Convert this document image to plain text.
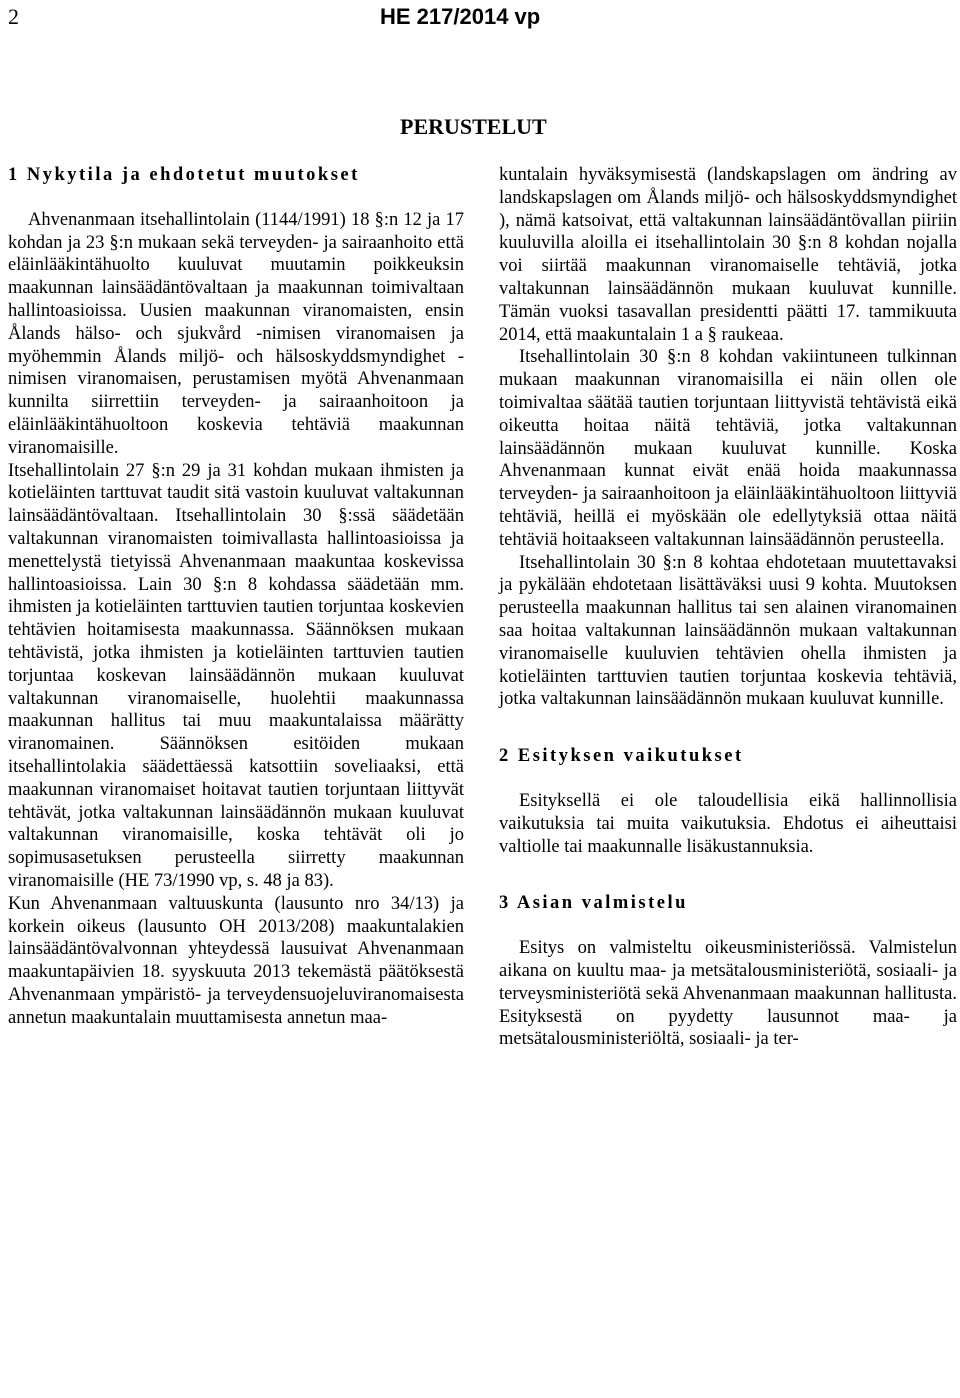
2	HE 217/2014 vp
PERUSTELUT
1 Nykytila ja ehdotetut muutokset

Ahvenanmaan itsehallintolain (1144/1991) 18 §:n 12 ja 17 kohdan ja 23 §:n mukaan sekä terveyden- ja sairaanhoito että eläinlääkintähuolto kuuluvat muutamin poikkeuksin maakunnan lainsäädäntövaltaan ja maakunnan toimivaltaan hallintoasioissa. Uusien maakunnan viranomaisten, ensin Ålands hälso- och sjukvård -nimisen viranomaisen ja myöhemmin Ålands miljö- och hälsoskyddsmyndighet -nimisen viranomaisen, perustamisen myötä Ahvenanmaan kunnilta siirrettiin terveyden- ja sairaanhoitoon ja eläinlääkintähuoltoon koskevia tehtäviä maakunnan viranomaisille.

Itsehallintolain 27 §:n 29 ja 31 kohdan mukaan ihmisten ja kotieläinten tarttuvat taudit sitä vastoin kuuluvat valtakunnan lainsäädäntövaltaan. Itsehallintolain 30 §:ssä säädetään valtakunnan viranomaisten toimivallasta hallintoasioissa ja menettelystä tietyissä Ahvenanmaan maakuntaa koskevissa hallintoasioissa. Lain 30 §:n 8 kohdassa säädetään mm. ihmisten ja kotieläinten tarttuvien tautien torjuntaa koskevien tehtävien hoitamisesta maakunnassa. Säännöksen mukaan tehtävistä, jotka ihmisten ja kotieläinten tarttuvien tautien torjuntaa koskevan lainsäädännön mukaan kuuluvat valtakunnan viranomaiselle, huolehtii maakunnassa maakunnan hallitus tai muu maakuntalaissa määrätty viranomainen. Säännöksen esitöiden mukaan itsehallintolakia säädettäessä katsottiin soveliaaksi, että maakunnan viranomaiset hoitavat tautien torjuntaan liittyvät tehtävät, jotka valtakunnan lainsäädännön mukaan kuuluvat valtakunnan viranomaisille, koska tehtävät oli jo sopimusasetuksen perusteella siirretty maakunnan viranomaisille (HE 73/1990 vp, s. 48 ja 83).

Kun Ahvenanmaan valtuuskunta (lausunto nro 34/13) ja korkein oikeus (lausunto OH 2013/208) maakuntalakien lainsäädäntövalvonnan yhteydessä lausuivat Ahvenanmaan maakuntapäivien 18. syyskuuta 2013 tekemästä päätöksestä Ahvenanmaan ympäristö- ja terveydensuojeluviranomaisesta annetun maakuntalain muuttamisesta annetun maa-

kuntalain hyväksymisestä (landskapslagen om ändring av landskapslagen om Ålands miljö- och hälsoskyddsmyndighet ), nämä katsoivat, että valtakunnan lainsäädäntövallan piiriin kuuluvilla aloilla ei itsehallintolain 30 §:n 8 kohdan nojalla voi siirtää maakunnan viranomaiselle tehtäviä, jotka valtakunnan lainsäädännön mukaan kuuluvat kunnille. Tämän vuoksi tasavallan presidentti päätti 17. tammikuuta 2014, että maakuntalain 1 a § raukeaa.

Itsehallintolain 30 §:n 8 kohdan vakiintuneen tulkinnan mukaan maakunnan viranomaisilla ei näin ollen ole toimivaltaa säätää tautien torjuntaan liittyvistä tehtävistä eikä oikeutta hoitaa näitä tehtäviä, jotka valtakunnan lainsäädännön mukaan kuuluvat kunnille. Koska Ahvenanmaan kunnat eivät enää hoida maakunnassa terveyden- ja sairaanhoitoon ja eläinlääkintähuoltoon liittyviä tehtäviä, heillä ei myöskään ole edellytyksiä ottaa näitä tehtäviä hoitaakseen valtakunnan lainsäädännön perusteella.

Itsehallintolain 30 §:n 8 kohtaa ehdotetaan muutettavaksi ja pykälään ehdotetaan lisättäväksi uusi 9 kohta. Muutoksen perusteella maakunnan hallitus tai sen alainen viranomainen saa hoitaa valtakunnan lainsäädännön mukaan valtakunnan viranomaiselle kuuluvien tehtävien ohella ihmisten ja kotieläinten tarttuvien tautien torjuntaa koskevia tehtäviä, jotka valtakunnan lainsäädännön mukaan kuuluvat kunnille.

2 Esityksen vaikutukset

Esityksellä ei ole taloudellisia eikä hallinnollisia vaikutuksia tai muita vaikutuksia. Ehdotus ei aiheuttaisi valtiolle tai maakunnalle lisäkustannuksia.

3 Asian valmistelu

Esitys on valmisteltu oikeusministeriössä. Valmistelun aikana on kuultu maa- ja metsätalousministeriötä, sosiaali- ja terveysministeriötä sekä Ahvenanmaan maakunnan hallitusta. Esityksestä on pyydetty lausunnot maa- ja metsätalousministeriöltä, sosiaali- ja ter-
